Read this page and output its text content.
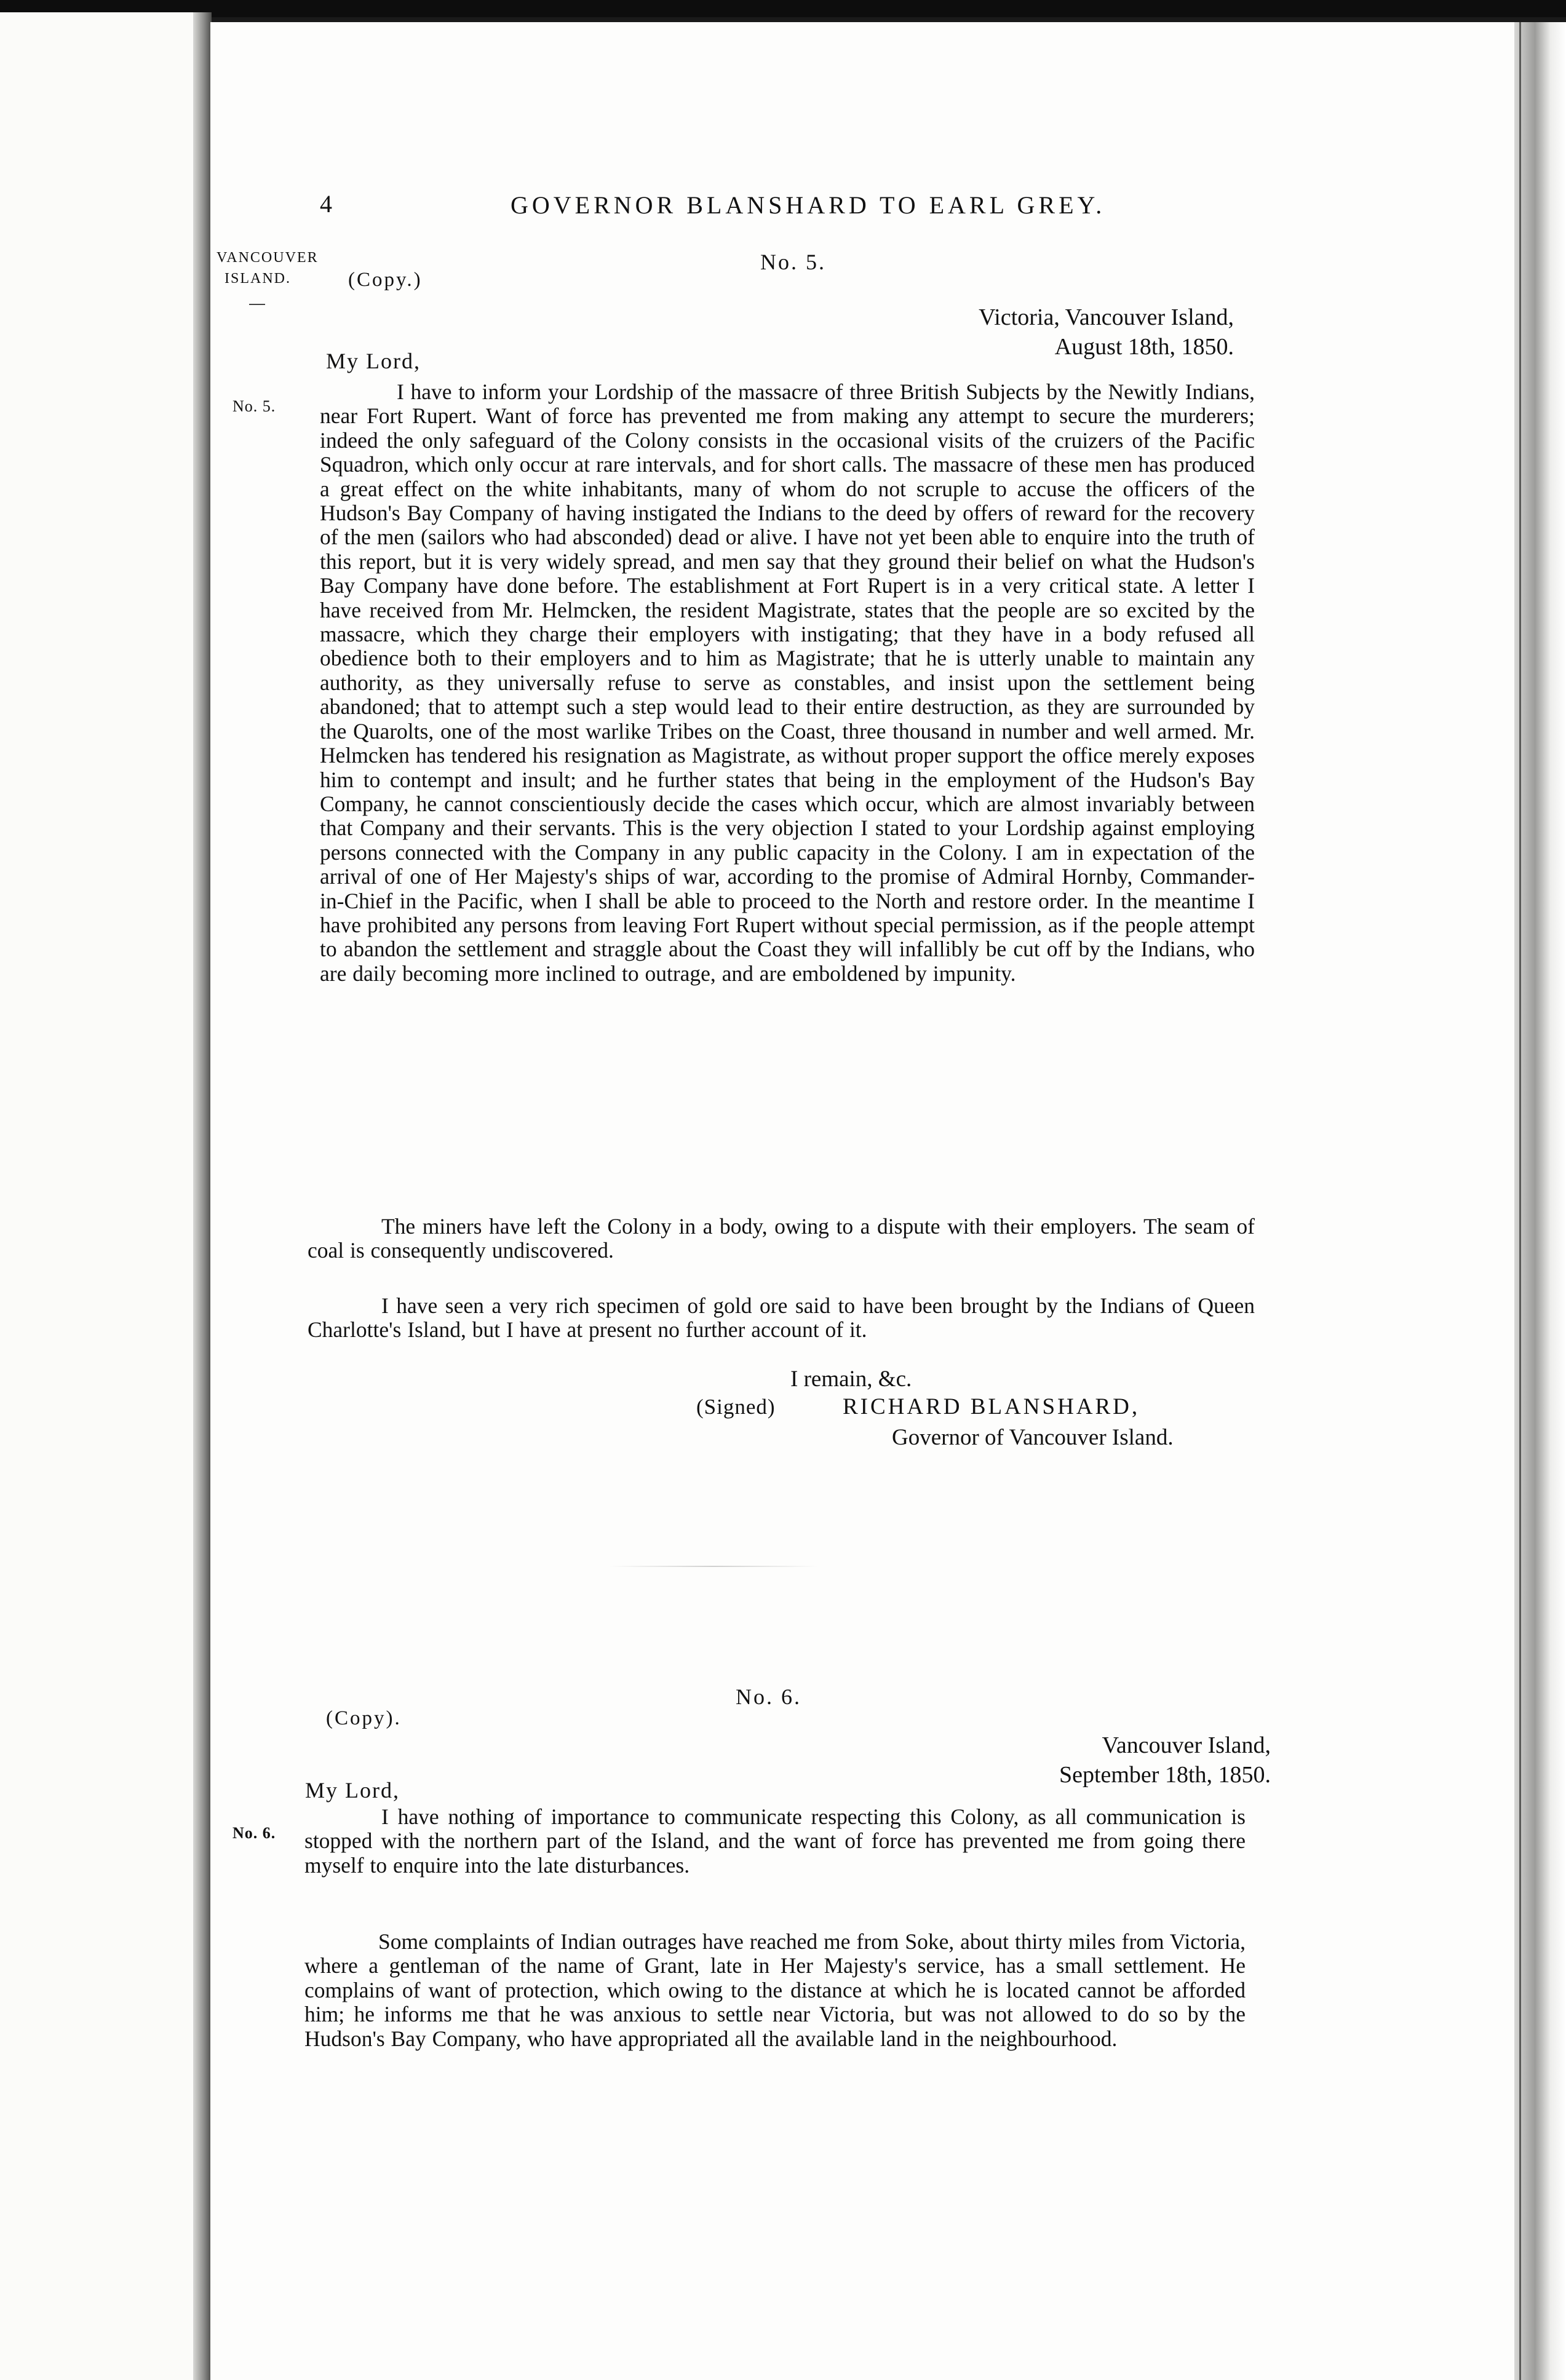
4	GOVERNOR BLANSHARD TO EARL GREY.
VANCOUVER
ISLAND.
No. 5.
No. 6.
(Copy.)
No. 5.
Victoria, Vancouver Island,
August 18th, 1850.
My Lord,
I have to inform your Lordship of the massacre of three British Subjects by the Newitly Indians, near Fort Rupert. Want of force has prevented me from making any attempt to secure the murderers; indeed the only safeguard of the Colony consists in the occasional visits of the cruizers of the Pacific Squadron, which only occur at rare intervals, and for short calls. The massacre of these men has produced a great effect on the white inhabitants, many of whom do not scruple to accuse the officers of the Hudson's Bay Company of having instigated the Indians to the deed by offers of reward for the recovery of the men (sailors who had absconded) dead or alive. I have not yet been able to enquire into the truth of this report, but it is very widely spread, and men say that they ground their belief on what the Hudson's Bay Company have done before. The establishment at Fort Rupert is in a very critical state. A letter I have received from Mr. Helmcken, the resident Magistrate, states that the people are so excited by the massacre, which they charge their employers with instigating; that they have in a body refused all obedience both to their employers and to him as Magistrate; that he is utterly unable to maintain any authority, as they universally refuse to serve as constables, and insist upon the settlement being abandoned; that to attempt such a step would lead to their entire destruction, as they are surrounded by the Quarolts, one of the most warlike Tribes on the Coast, three thousand in number and well armed. Mr. Helmcken has tendered his resignation as Magistrate, as without proper support the office merely exposes him to contempt and insult; and he further states that being in the employment of the Hudson's Bay Company, he cannot conscientiously decide the cases which occur, which are almost invariably between that Company and their servants. This is the very objection I stated to your Lordship against employing persons connected with the Company in any public capacity in the Colony. I am in expectation of the arrival of one of Her Majesty's ships of war, according to the promise of Admiral Hornby, Commander-in-Chief in the Pacific, when I shall be able to proceed to the North and restore order. In the meantime I have prohibited any persons from leaving Fort Rupert without special permission, as if the people attempt to abandon the settlement and straggle about the Coast they will infallibly be cut off by the Indians, who are daily becoming more inclined to outrage, and are emboldened by impunity.
The miners have left the Colony in a body, owing to a dispute with their employers. The seam of coal is consequently undiscovered.
I have seen a very rich specimen of gold ore said to have been brought by the Indians of Queen Charlotte's Island, but I have at present no further account of it.
I remain, &c.
(Signed)	RICHARD BLANSHARD,
Governor of Vancouver Island.
No. 6.
(Copy).
Vancouver Island,
September 18th, 1850.
My Lord,
I have nothing of importance to communicate respecting this Colony, as all communication is stopped with the northern part of the Island, and the want of force has prevented me from going there myself to enquire into the late disturbances.
Some complaints of Indian outrages have reached me from Soke, about thirty miles from Victoria, where a gentleman of the name of Grant, late in Her Majesty's service, has a small settlement. He complains of want of protection, which owing to the distance at which he is located cannot be afforded him; he informs me that he was anxious to settle near Victoria, but was not allowed to do so by the Hudson's Bay Company, who have appropriated all the available land in the neighbourhood.
